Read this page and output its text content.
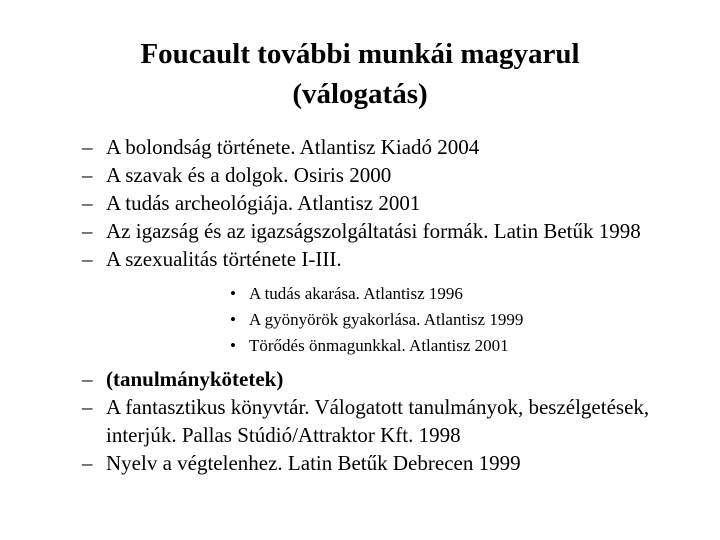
Foucault további munkái magyarul
(válogatás)
– A bolondság története. Atlantisz Kiadó 2004
– A szavak és a dolgok. Osiris 2000
– A tudás archeológiája. Atlantisz 2001
– Az igazság és az igazságszolgáltatási formák. Latin Betűk 1998
– A szexualitás története I-III.
• A tudás akarása. Atlantisz 1996
• A gyönyörök gyakorlása. Atlantisz 1999
• Törődés önmagunkkal. Atlantisz 2001
– (tanulmánykötetek)
– A fantasztikus könyvtár. Válogatott tanulmányok, beszélgetések, interjúk. Pallas Stúdió/Attraktor Kft. 1998
– Nyelv a végtelenhez. Latin Betűk Debrecen 1999
